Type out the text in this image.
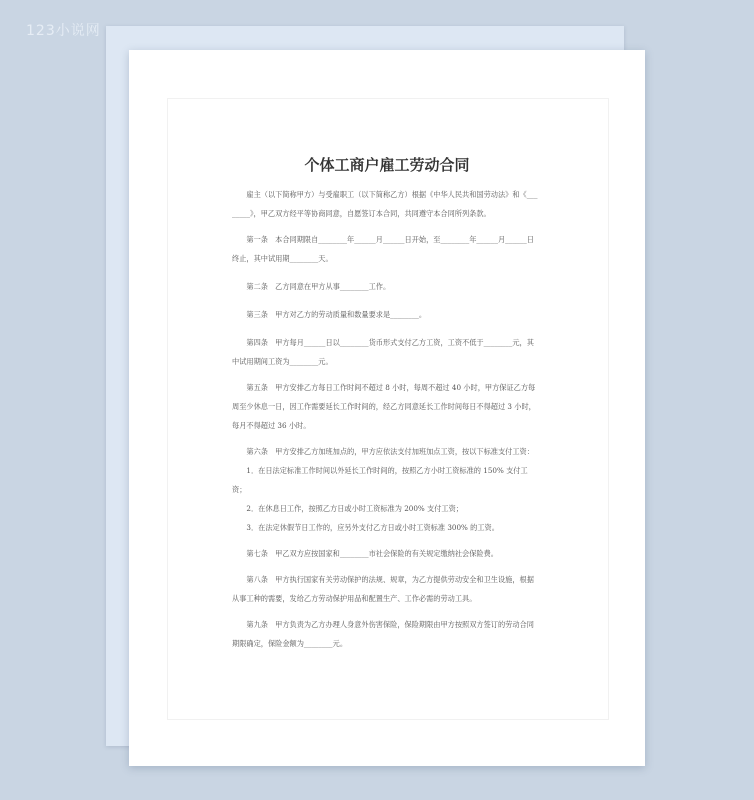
123小说网
个体工商户雇工劳动合同

雇主（以下简称甲方）与受雇职工（以下简称乙方）根据《中华人民共和国劳动法》和《________》，甲乙双方经平等协商同意，自愿签订本合同，共同遵守本合同所列条款。

第一条　本合同期限自________年______月______日开始，至________年______月______日终止，其中试用期________天。

第二条　乙方同意在甲方从事________工作。

第三条　甲方对乙方的劳动质量和数量要求是________。

第四条　甲方每月______日以________货币形式支付乙方工资，工资不低于________元，其中试用期间工资为________元。

第五条　甲方安排乙方每日工作时间不超过 8 小时，每周不超过 40 小时，甲方保证乙方每周至少休息一日，因工作需要延长工作时间的，经乙方同意延长工作时间每日不得超过 3 小时，每月不得超过 36 小时。

第六条　甲方安排乙方加班加点的，甲方应依法支付加班加点工资，按以下标准支付工资：

1．在日法定标准工作时间以外延长工作时间的，按照乙方小时工资标准的 150% 支付工资；

2．在休息日工作，按照乙方日或小时工资标准为 200% 支付工资；

3．在法定休假节日工作的，应另外支付乙方日或小时工资标准 300% 的工资。

第七条　甲乙双方应按国家和________市社会保险的有关规定缴纳社会保险费。

第八条　甲方执行国家有关劳动保护的法规、规章，为乙方提供劳动安全和卫生设施，根据从事工种的需要，发给乙方劳动保护用品和配置生产、工作必需的劳动工具。

第九条　甲方负责为乙方办理人身意外伤害保险，保险期限由甲方按照双方签订的劳动合同期限确定，保险金额为________元。
